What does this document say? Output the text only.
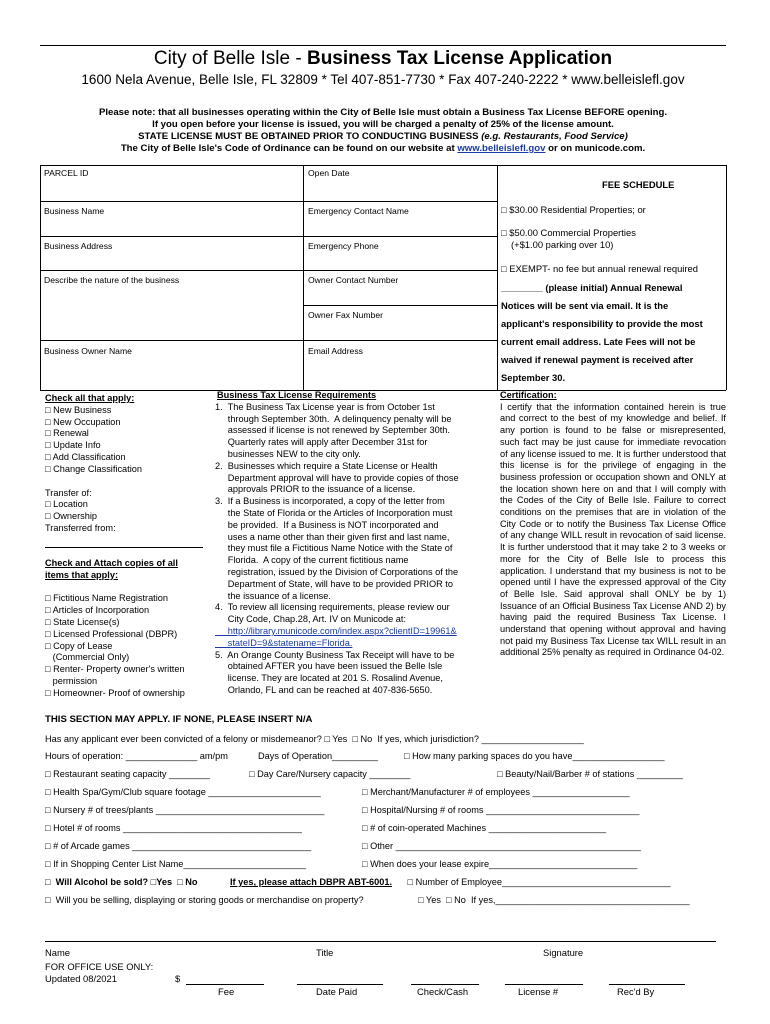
City of Belle Isle - Business Tax License Application
1600 Nela Avenue, Belle Isle, FL 32809 * Tel 407-851-7730 * Fax 407-240-2222 * www.belleislefl.gov
Please note: that all businesses operating within the City of Belle Isle must obtain a Business Tax License BEFORE opening.
If you open before your license is issued, you will be charged a penalty of 25% of the license amount.
STATE LICENSE MUST BE OBTAINED PRIOR TO CONDUCTING BUSINESS (e.g. Restaurants, Food Service)
The City of Belle Isle's Code of Ordinance can be found on our website at www.belleislefl.gov or on municode.com.
PARCEL ID	Open Date
Business Name	Emergency Contact Name
Business Address	Emergency Phone
Describe the nature of the business	Owner Contact Number
Owner Fax Number
Business Owner Name	Email Address
FEE SCHEDULE
□ $30.00 Residential Properties; or
□ $50.00 Commercial Properties
(+$1.00 parking over 10)
□ EXEMPT- no fee but annual renewal required
________ (please initial) Annual Renewal
Notices will be sent via email. It is the
applicant's responsibility to provide the most
current email address. Late Fees will not be
waived if renewal payment is received after
September 30.
Check all that apply:
□ New Business
□ New Occupation
□ Renewal
□ Update Info
□ Add Classification
□ Change Classification
Transfer of:
□ Location
□ Ownership
Transferred from:
Check and Attach copies of all
items that apply:
□ Fictitious Name Registration
□ Articles of Incorporation
□ State License(s)
□ Licensed Professional (DBPR)
□ Copy of Lease
(Commercial Only)
□ Renter- Property owner's written
permission
□ Homeowner- Proof of ownership
Business Tax License Requirements
1.  The Business Tax License year is from October 1st
through September 30th.  A delinquency penalty will be
assessed if license is not renewed by September 30th.
Quarterly rates will apply after December 31st for
businesses NEW to the city only.
2.  Businesses which require a State License or Health
Department approval will have to provide copies of those
approvals PRIOR to the issuance of a license.
3.  If a Business is incorporated, a copy of the letter from
the State of Florida or the Articles of Incorporation must
be provided.  If a Business is NOT incorporated and
uses a name other than their given first and last name,
they must file a Fictitious Name Notice with the State of
Florida.  A copy of the current fictitious name
registration, issued by the Division of Corporations of the
Department of State, will have to be provided PRIOR to
the issuance of a license.
4.  To review all licensing requirements, please review our
City Code, Chap.28, Art. IV on Municode at:
http://library.municode.com/index.aspx?clientID=19961&
stateID=9&statename=Florida.
5.  An Orange County Business Tax Receipt will have to be
obtained AFTER you have been issued the Belle Isle
license. They are located at 201 S. Rosalind Avenue,
Orlando, FL and can be reached at 407-836-5650.
Certification:
I certify that the information contained herein is true and correct to the best of my knowledge and belief. If any portion is found to be false or misrepresented, such fact may be just cause for immediate revocation of any license issued to me. It is further understood that this license is for the privilege of engaging in the business profession or occupation shown and ONLY at the location shown here on and that I will comply with the Codes of the City of Belle Isle. Failure to correct conditions on the premises that are in violation of the City Code or to notify the Business Tax License Office of any change WILL result in revocation of said license. It is further understood that it may take 2 to 3 weeks or more for the City of Belle Isle to process this application. I understand that my business is not to be opened until I have the expressed approval of the City of Belle Isle. Said approval shall ONLY be by 1) Issuance of an Official Business Tax License AND 2) by having paid the required Business Tax License. I understand that opening without approval and having not paid my Business Tax License tax WILL result in an additional 25% penalty as required in Ordinance 04-02.
THIS SECTION MAY APPLY. IF NONE, PLEASE INSERT N/A
Has any applicant ever been convicted of a felony or misdemeanor? □ Yes  □ No  If yes, which jurisdiction? ____________________
Hours of operation: ______________ am/pm	Days of Operation_________	□ How many parking spaces do you have__________________
□ Restaurant seating capacity ________	□ Day Care/Nursery capacity ________	□ Beauty/Nail/Barber # of stations _________
□ Health Spa/Gym/Club square footage ______________________	□ Merchant/Manufacturer # of employees ___________________
□ Nursery # of trees/plants _________________________________	□ Hospital/Nursing # of rooms ______________________________
□ Hotel # of rooms ___________________________________	□ # of coin-operated Machines _______________________
□ # of Arcade games ___________________________________	□ Other ________________________________________________
□ If in Shopping Center List Name________________________	□ When does your lease expire_____________________________
□  Will Alcohol be sold? □Yes  □ No	If yes, please attach DBPR ABT-6001. □ Number of Employee_________________________________
□  Will you be selling, displaying or storing goods or merchandise on property?	□ Yes  □ No  If yes,______________________________________
Name	Title	Signature
FOR OFFICE USE ONLY:
Updated 08/2021	$
Fee	Date Paid	Check/Cash	License #	Rec'd By
